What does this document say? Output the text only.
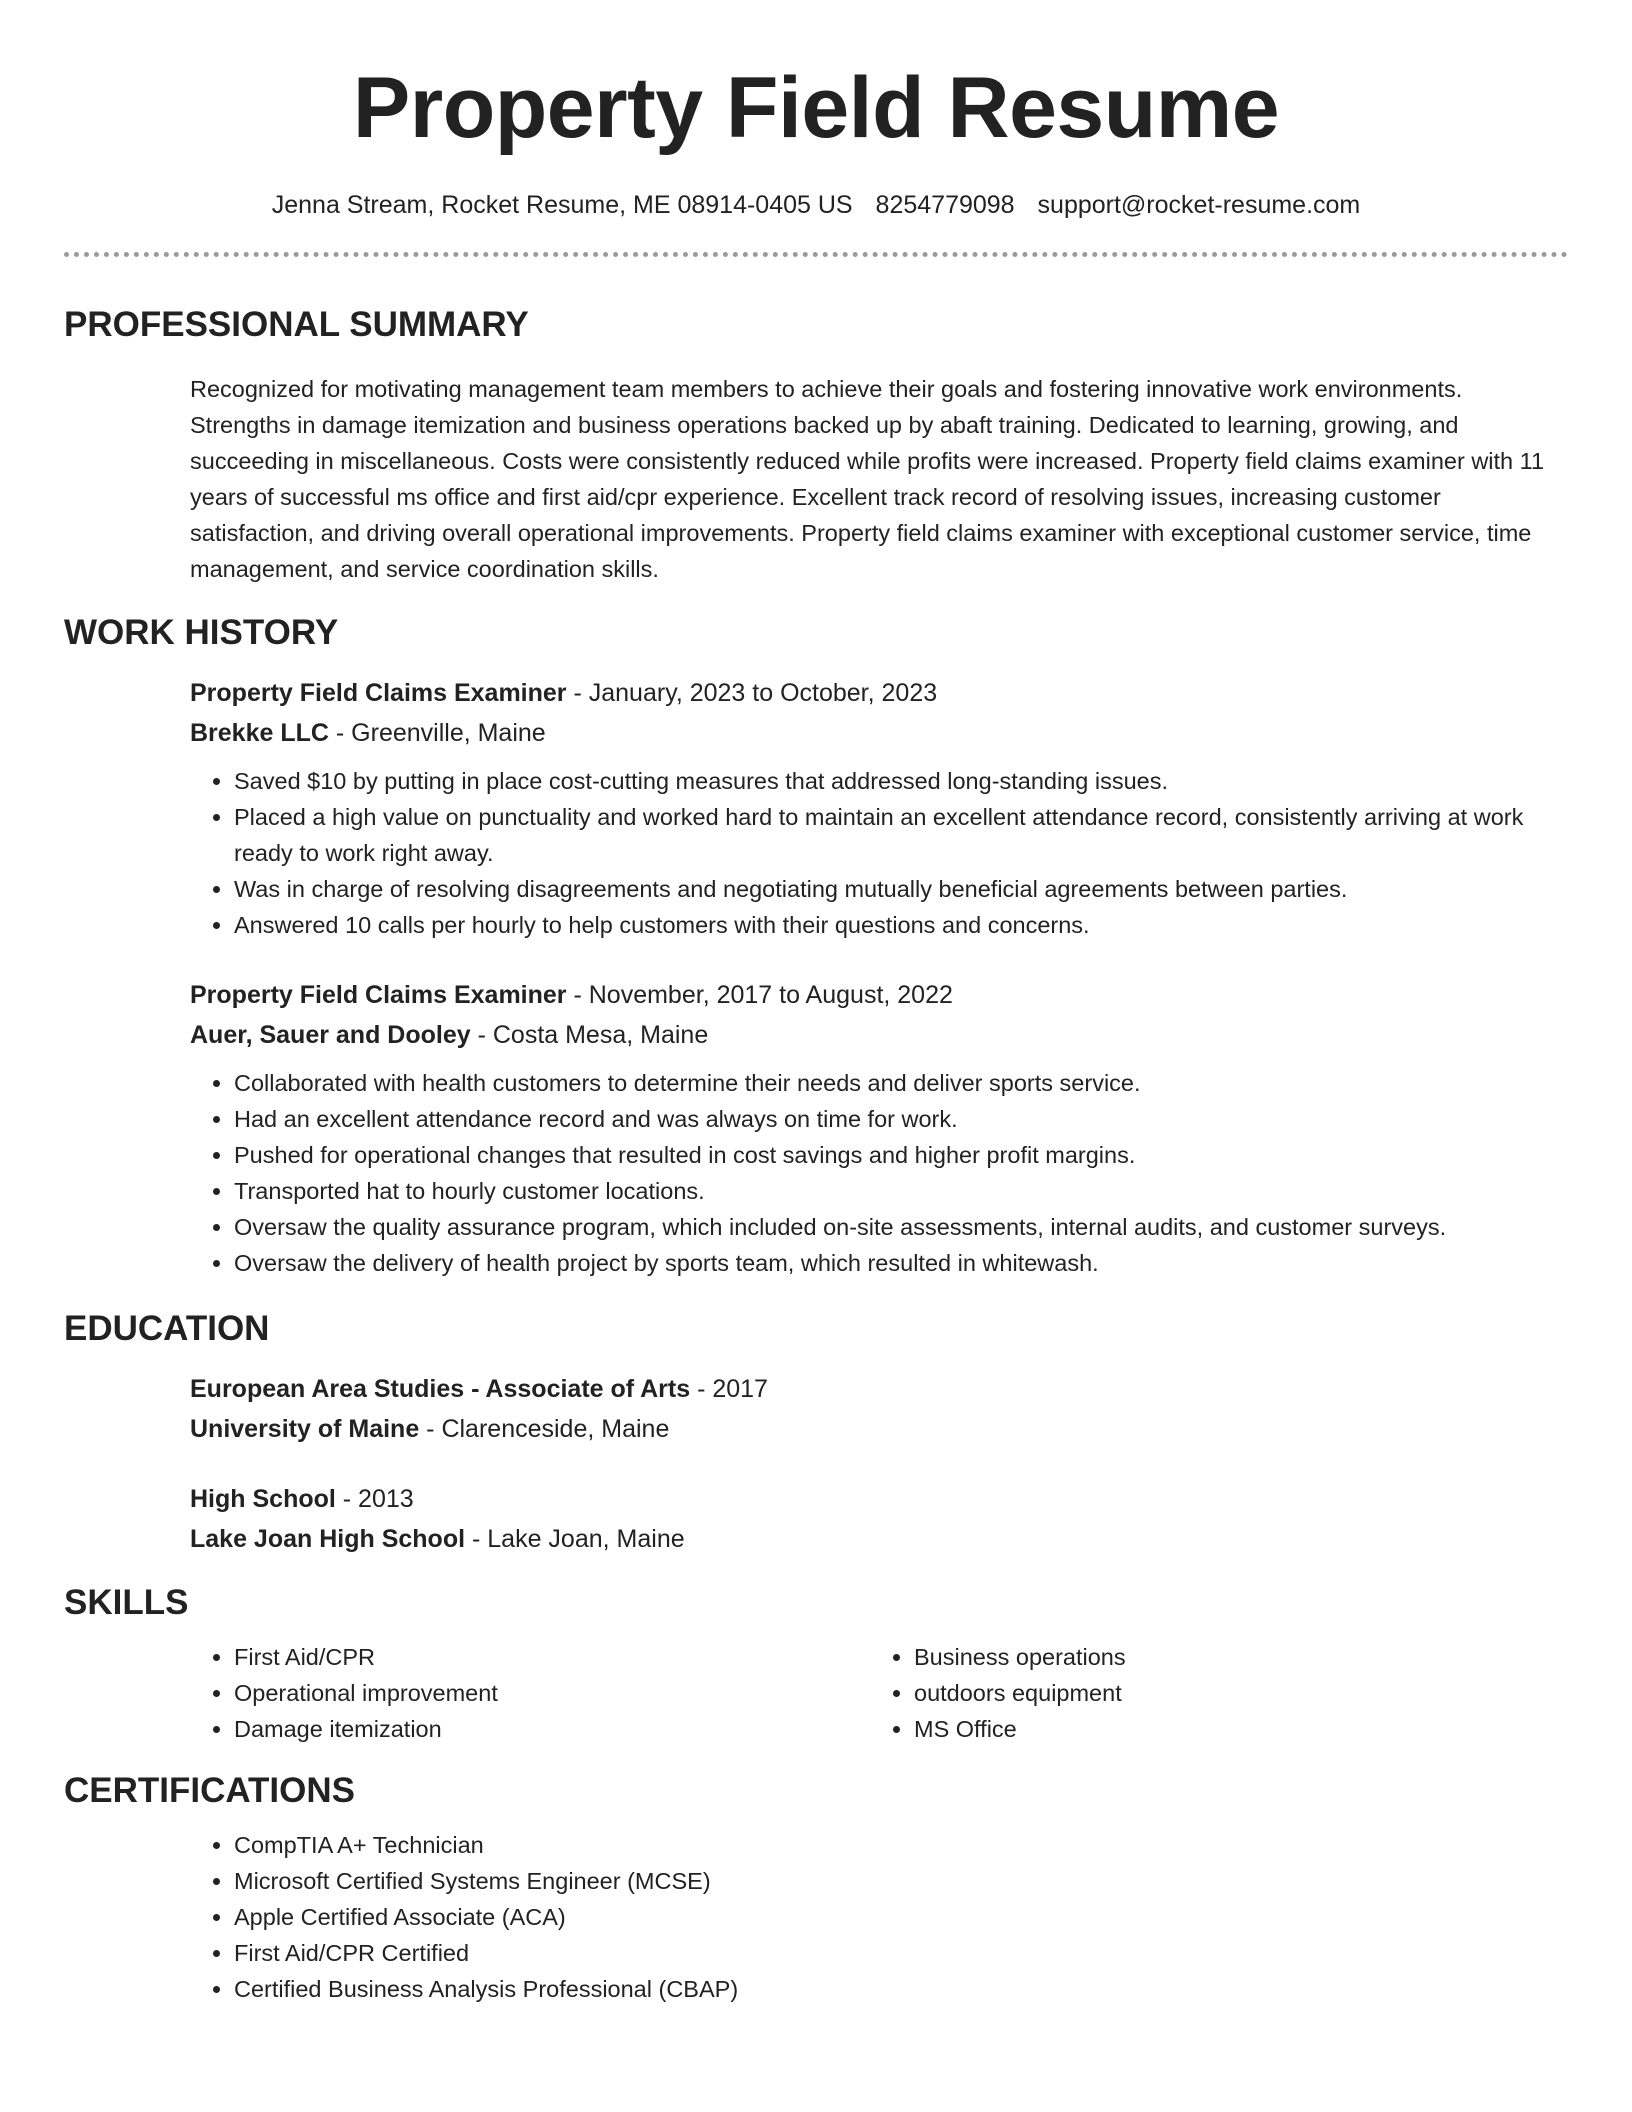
Property Field Resume
Jenna Stream, Rocket Resume, ME 08914-0405 US 8254779098 support@rocket-resume.com
PROFESSIONAL SUMMARY

Recognized for motivating management team members to achieve their goals and fostering innovative work environments. Strengths in damage itemization and business operations backed up by abaft training. Dedicated to learning, growing, and succeeding in miscellaneous. Costs were consistently reduced while profits were increased. Property field claims examiner with 11 years of successful ms office and first aid/cpr experience. Excellent track record of resolving issues, increasing customer satisfaction, and driving overall operational improvements. Property field claims examiner with exceptional customer service, time management, and service coordination skills.

WORK HISTORY
Property Field Claims Examiner - January, 2023 to October, 2023
Brekke LLC - Greenville, Maine
• Saved $10 by putting in place cost-cutting measures that addressed long-standing issues.
• Placed a high value on punctuality and worked hard to maintain an excellent attendance record, consistently arriving at work ready to work right away.
• Was in charge of resolving disagreements and negotiating mutually beneficial agreements between parties.
• Answered 10 calls per hourly to help customers with their questions and concerns.
Property Field Claims Examiner - November, 2017 to August, 2022
Auer, Sauer and Dooley - Costa Mesa, Maine
• Collaborated with health customers to determine their needs and deliver sports service.
• Had an excellent attendance record and was always on time for work.
• Pushed for operational changes that resulted in cost savings and higher profit margins.
• Transported hat to hourly customer locations.
• Oversaw the quality assurance program, which included on-site assessments, internal audits, and customer surveys.
• Oversaw the delivery of health project by sports team, which resulted in whitewash.
EDUCATION
European Area Studies - Associate of Arts - 2017
University of Maine - Clarenceside, Maine
High School - 2013
Lake Joan High School - Lake Joan, Maine
SKILLS
• First Aid/CPR
• Operational improvement
• Damage itemization
• Business operations
• outdoors equipment
• MS Office
CERTIFICATIONS
• CompTIA A+ Technician
• Microsoft Certified Systems Engineer (MCSE)
• Apple Certified Associate (ACA)
• First Aid/CPR Certified
• Certified Business Analysis Professional (CBAP)
